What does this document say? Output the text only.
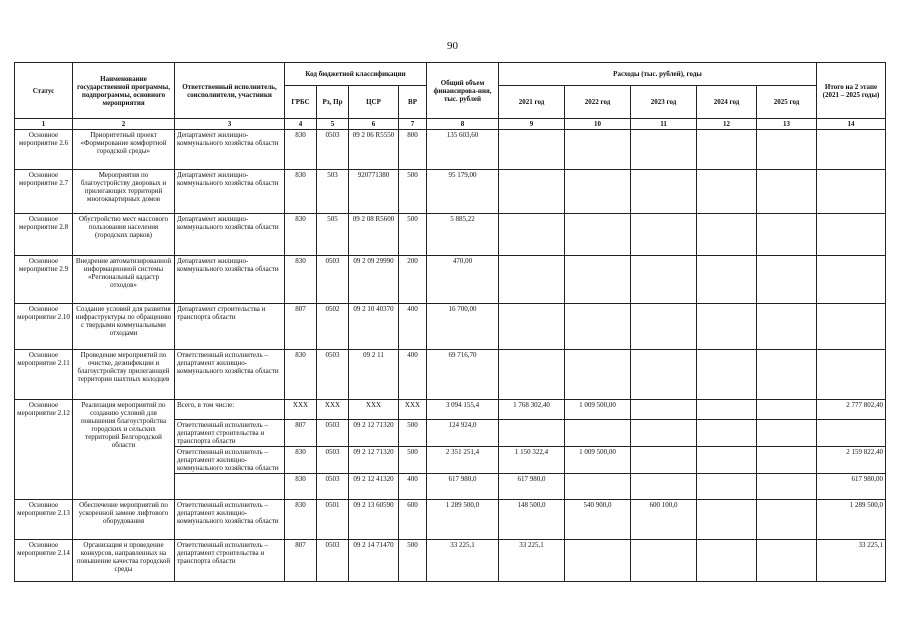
90
Статус	Наименование государственной программы, подпрограммы, основного мероприятия	Ответственный исполнитель, соисполнители, участники	Код бюджетной классификации				Общий объем финансирова-ния, тыс. рублей	Расходы (тыс. рублей), годы					Итого на 2 этапе (2021 – 2025 годы)
			ГРБС	Рз, Пр	ЦСР	ВР		2021 год	2022 год	2023 год	2024 год	2025 год	
1	2	3	4	5	6	7	8	9	10	11	12	13	14
Основное мероприятие 2.6	Приоритетный проект «Формирование комфортной городской среды»	Департамент жилищно-коммунального хозяйства области	830	0503	09 2 06 R5550	800	135 603,60						
Основное мероприятие 2.7	Мероприятия по благоустройству дворовых и прилегающих территорий многоквартирных домов	Департамент жилищно-коммунального хозяйства области	830	503	920771380	500	95 179,00						
Основное мероприятие 2.8	Обустройство мест массового пользования населения (городских парков)	Департамент жилищно-коммунального хозяйства области	830	505	09 2 08 R5600	500	5 885,22						
Основное мероприятие 2.9	Внедрение автоматизированной информационной системы «Региональный кадастр отходов»	Департамент жилищно-коммунального хозяйства области	830	0503	09 2 09 29990	200	470,00						
Основное мероприятие 2.10	Создание условий для развития инфраструктуры по обращению с твердыми коммунальными отходами	Департамент строительства и транспорта области	807	0502	09 2 10 40370	400	16 700,00						
Основное мероприятие 2.11	Проведение мероприятий по очистке, дезинфекции и благоустройству прилегающей территории шахтных колодцев	Ответственный исполнитель – департамент жилищно-коммунального хозяйства области	830	0503	09 2 11	400	69 716,70						
Основное мероприятие 2.12	Реализация мероприятий по созданию условий для повышения благоустройства городских и сельских территорий Белгородской области	Всего, в том числе:	ХХХ	ХХХ	ХХХ	ХХХ	3 094 155,4	1 768 302,40	1 009 500,00				2 777 802,40
		Ответственный исполнитель – департамент строительства и транспорта области	807	0503	09 2 12 71320	500	124 924,0						
		Ответственный исполнитель – департамент жилищно-коммунального хозяйства области	830	0503	09 2 12 71320	500	2 351 251,4	1 150 322,4	1 009 500,00				2 159 822,40
			830	0503	09 2 12 41320	400	617 980,0	617 980,0					617 980,00
Основное мероприятие 2.13	Обеспечение мероприятий по ускоренной замене лифтового оборудования	Ответственный исполнитель – департамент жилищно-коммунального хозяйства области	830	0501	09 2 13 60590	600	1 289 500,0	148 500,0	540 900,0	600 100,0			1 289 500,0
Основное мероприятие 2.14	Организация и проведение конкурсов, направленных на повышение качества городской среды	Ответственный исполнитель – департамент строительства и транспорта области	807	0503	09 2 14 71470	500	33 225,1	33 225,1					33 225,1
